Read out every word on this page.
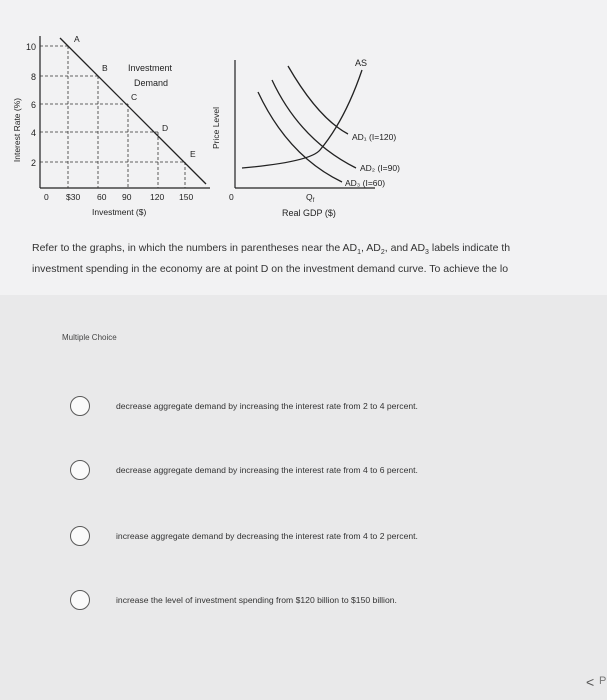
10
8
6
4
2
Interest Rate (%)
0 $30 60 90 120 150
Investment ($)
A
B
C
D
E
Investment
Demand
Price Level
0	$Q_f$
Real GDP ($)
AS
AD₁ (I=120)
AD₂ (I=90)
AD₃ (I=60)

Refer to the graphs, in which the numbers in parentheses near the $AD_1$, $AD_2$, and $AD_3$ labels indicate th

investment spending in the economy are at point D on the investment demand curve. To achieve the lo

Multiple Choice
decrease aggregate demand by increasing the interest rate from 2 to 4 percent.
decrease aggregate demand by increasing the interest rate from 4 to 6 percent.
increase aggregate demand by decreasing the interest rate from 4 to 2 percent.
increase the level of investment spending from $120 billion to $150 billion.
< P
